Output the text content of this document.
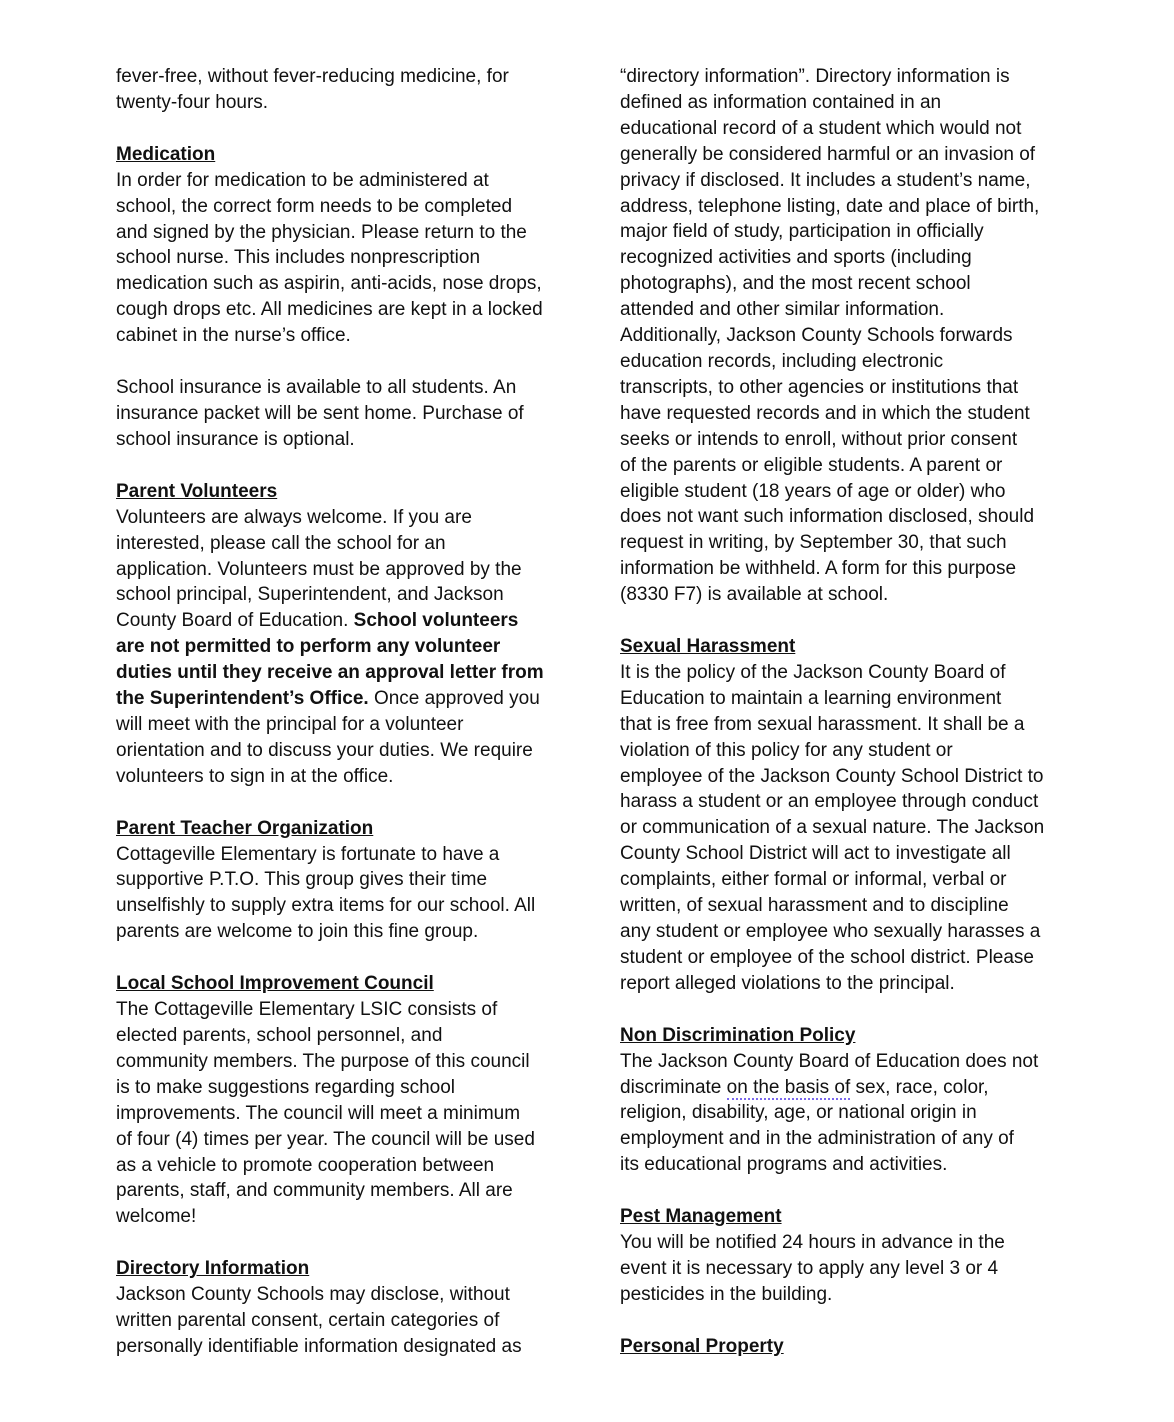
fever-free, without fever-reducing medicine, for
twenty-four hours.
Medication
In order for medication to be administered at
school, the correct form needs to be completed
and signed by the physician. Please return to the
school nurse. This includes nonprescription
medication such as aspirin, anti-acids, nose drops,
cough drops etc. All medicines are kept in a locked
cabinet in the nurse’s office.
School insurance is available to all students. An
insurance packet will be sent home. Purchase of
school insurance is optional.
Parent Volunteers
Volunteers are always welcome. If you are
interested, please call the school for an
application. Volunteers must be approved by the
school principal, Superintendent, and Jackson
County Board of Education. School volunteers
are not permitted to perform any volunteer
duties until they receive an approval letter from
the Superintendent’s Office. Once approved you
will meet with the principal for a volunteer
orientation and to discuss your duties. We require
volunteers to sign in at the office.
Parent Teacher Organization
Cottageville Elementary is fortunate to have a
supportive P.T.O. This group gives their time
unselfishly to supply extra items for our school. All
parents are welcome to join this fine group.
Local School Improvement Council
The Cottageville Elementary LSIC consists of
elected parents, school personnel, and
community members. The purpose of this council
is to make suggestions regarding school
improvements. The council will meet a minimum
of four (4) times per year. The council will be used
as a vehicle to promote cooperation between
parents, staff, and community members. All are
welcome!
Directory Information
Jackson County Schools may disclose, without
written parental consent, certain categories of
personally identifiable information designated as
“directory information”. Directory information is
defined as information contained in an
educational record of a student which would not
generally be considered harmful or an invasion of
privacy if disclosed. It includes a student’s name,
address, telephone listing, date and place of birth,
major field of study, participation in officially
recognized activities and sports (including
photographs), and the most recent school
attended and other similar information.
Additionally, Jackson County Schools forwards
education records, including electronic
transcripts, to other agencies or institutions that
have requested records and in which the student
seeks or intends to enroll, without prior consent
of the parents or eligible students. A parent or
eligible student (18 years of age or older) who
does not want such information disclosed, should
request in writing, by September 30, that such
information be withheld. A form for this purpose
(8330 F7) is available at school.
Sexual Harassment
It is the policy of the Jackson County Board of
Education to maintain a learning environment
that is free from sexual harassment. It shall be a
violation of this policy for any student or
employee of the Jackson County School District to
harass a student or an employee through conduct
or communication of a sexual nature. The Jackson
County School District will act to investigate all
complaints, either formal or informal, verbal or
written, of sexual harassment and to discipline
any student or employee who sexually harasses a
student or employee of the school district. Please
report alleged violations to the principal.
Non Discrimination Policy
The Jackson County Board of Education does not
discriminate on the basis of sex, race, color,
religion, disability, age, or national origin in
employment and in the administration of any of
its educational programs and activities.
Pest Management
You will be notified 24 hours in advance in the
event it is necessary to apply any level 3 or 4
pesticides in the building.
Personal Property
